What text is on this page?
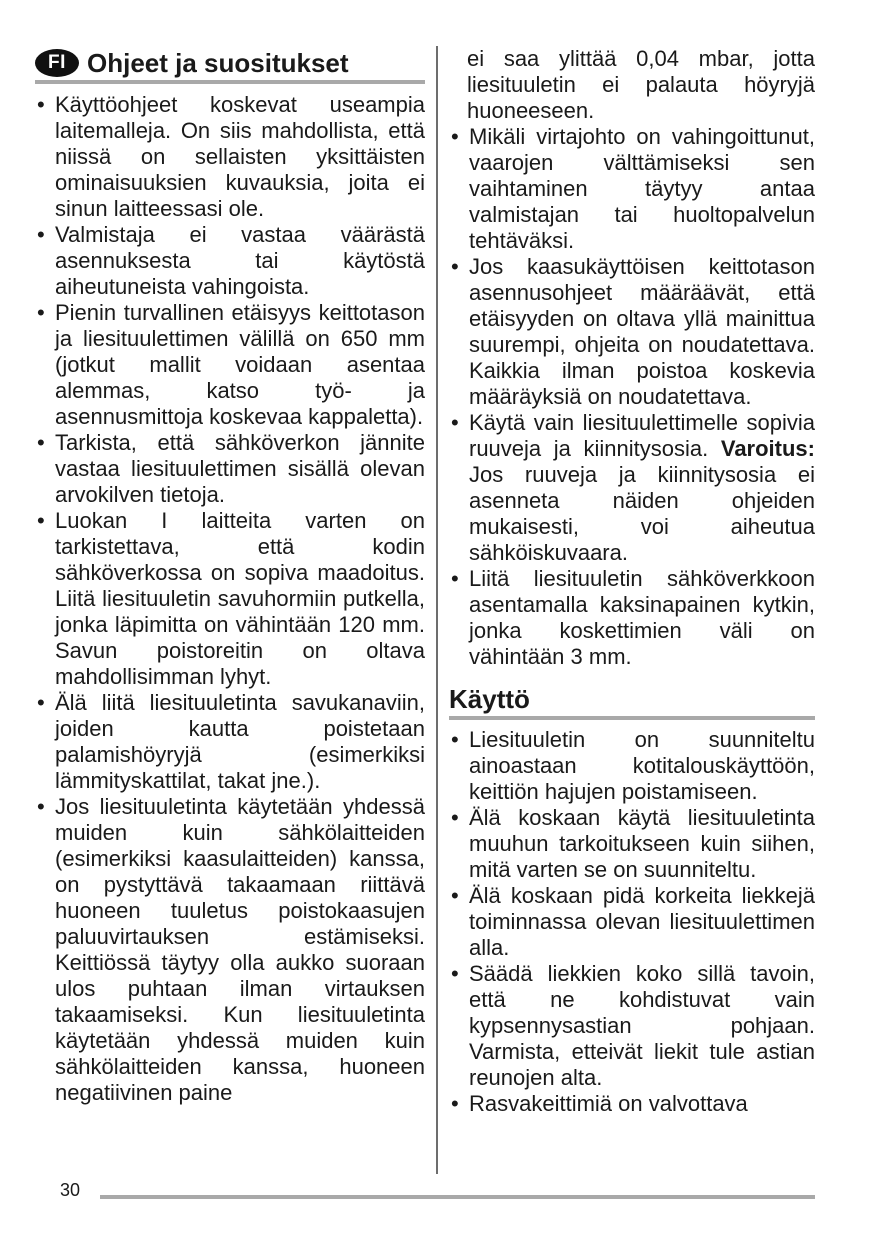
FI Ohjeet ja suositukset
• Käyttöohjeet koskevat useampia laitemalleja. On siis mahdollista, että niissä on sellaisten yksittäisten ominaisuuksien kuvauksia, joita ei sinun laitteessasi ole.
• Valmistaja ei vastaa väärästä asennuksesta tai käytöstä aiheutuneista vahingoista.
• Pienin turvallinen etäisyys keittotason ja liesituulettimen välillä on 650 mm (jotkut mallit voidaan asentaa alemmas, katso työ- ja asennusmittoja koskevaa kappaletta).
• Tarkista, että sähköverkon jännite vastaa liesituulettimen sisällä olevan arvokilven tietoja.
• Luokan I laitteita varten on tarkistettava, että kodin sähköverkossa on sopiva maadoitus. Liitä liesituuletin savuhormiin putkella, jonka läpimitta on vähintään 120 mm. Savun poistoreitin on oltava mahdollisimman lyhyt.
• Älä liitä liesituuletinta savukanaviin, joiden kautta poistetaan palamishöyryjä (esimerkiksi lämmityskattilat, takat jne.).
• Jos liesituuletinta käytetään yhdessä muiden kuin sähkölaitteiden (esimerkiksi kaasulaitteiden) kanssa, on pystyttävä takaamaan riittävä huoneen tuuletus poistokaasujen paluuvirtauksen estämiseksi. Keittiössä täytyy olla aukko suoraan ulos puhtaan ilman virtauksen takaamiseksi. Kun liesituuletinta käytetään yhdessä muiden kuin sähkölaitteiden kanssa, huoneen negatiivinen paine
ei saa ylittää 0,04 mbar, jotta liesituuletin ei palauta höyryjä huoneeseen.
• Mikäli virtajohto on vahingoittunut, vaarojen välttämiseksi sen vaihtaminen täytyy antaa valmistajan tai huoltopalvelun tehtäväksi.
• Jos kaasukäyttöisen keittotason asennusohjeet määräävät, että etäisyyden on oltava yllä mainittua suurempi, ohjeita on noudatettava. Kaikkia ilman poistoa koskevia määräyksiä on noudatettava.
• Käytä vain liesituulettimelle sopivia ruuveja ja kiinnitysosia. Varoitus: Jos ruuveja ja kiinnitysosia ei asenneta näiden ohjeiden mukaisesti, voi aiheutua sähköiskuvaara.
• Liitä liesituuletin sähköverkkoon asentamalla kaksinapainen kytkin, jonka koskettimien väli on vähintään 3 mm.
Käyttö
• Liesituuletin on suunniteltu ainoastaan kotitalouskäyttöön, keittiön hajujen poistamiseen.
• Älä koskaan käytä liesituuletinta muuhun tarkoitukseen kuin siihen, mitä varten se on suunniteltu.
• Älä koskaan pidä korkeita liekkejä toiminnassa olevan liesituulettimen alla.
• Säädä liekkien koko sillä tavoin, että ne kohdistuvat vain kypsennysastian pohjaan. Varmista, etteivät liekit tule astian reunojen alta.
• Rasvakeittimiä on valvottava
30
